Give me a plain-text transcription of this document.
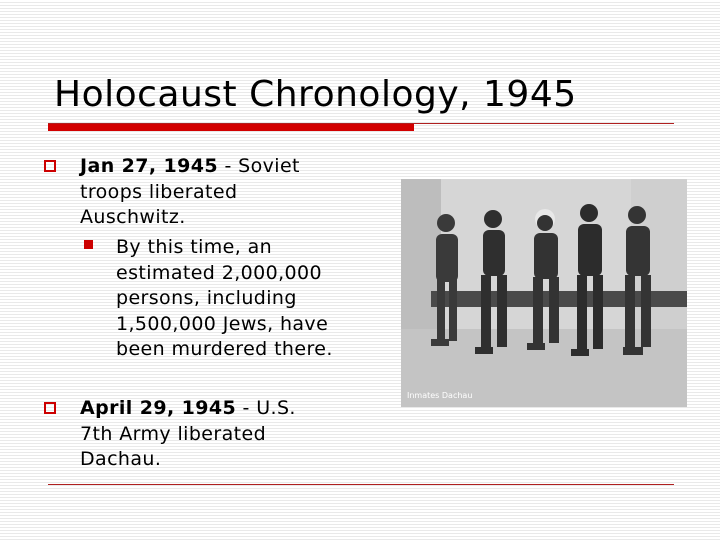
Holocaust Chronology, 1945
Jan 27, 1945 - Soviet
troops liberated
Auschwitz.
By this time, an
estimated 2,000,000
persons, including
1,500,000 Jews, have
been murdered there.
April 29, 1945 - U.S.
7th Army liberated
Dachau.
Inmates Dachau
